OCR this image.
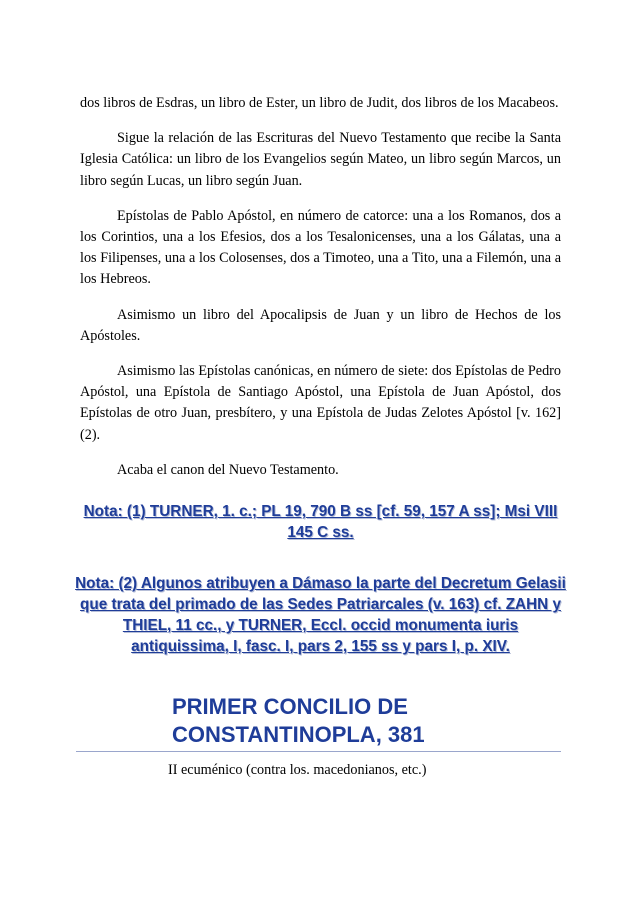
dos libros de Esdras, un libro de Ester, un libro de Judit, dos libros de los Macabeos.

Sigue la relación de las Escrituras del Nuevo Testamento que recibe la Santa Iglesia Católica: un libro de los Evangelios según Mateo, un libro según Marcos, un libro según Lucas, un libro según Juan.

Epístolas de Pablo Apóstol, en número de catorce: una a los Romanos, dos a los Corintios, una a los Efesios, dos a los Tesalonicenses, una a los Gálatas, una a los Filipenses, una a los Colosenses, dos a Timoteo, una a Tito, una a Filemón, una a los Hebreos.

Asimismo un libro del Apocalipsis de Juan y un libro de Hechos de los Apóstoles.

Asimismo las Epístolas canónicas, en número de siete: dos Epístolas de Pedro Apóstol, una Epístola de Santiago Apóstol, una Epístola de Juan Apóstol, dos Epístolas de otro Juan, presbítero, y una Epístola de Judas Zelotes Apóstol [v. 162](2).

Acaba el canon del Nuevo Testamento.

Nota: (1) TURNER, 1. c.; PL 19, 790 B ss [cf. 59, 157 A ss]; Msi VIII 145 C ss.

Nota: (2) Algunos atribuyen a Dámaso la parte del Decretum Gelasii que trata del primado de las Sedes Patriarcales (v. 163) cf. ZAHN y THIEL, 11 cc., y TURNER, Eccl. occid monumenta iuris antiquissima, I, fasc. I, pars 2, 155 ss y pars I, p. XIV.

PRIMER CONCILIO DE
CONSTANTINOPLA, 381
II ecuménico (contra los. macedonianos, etc.)
